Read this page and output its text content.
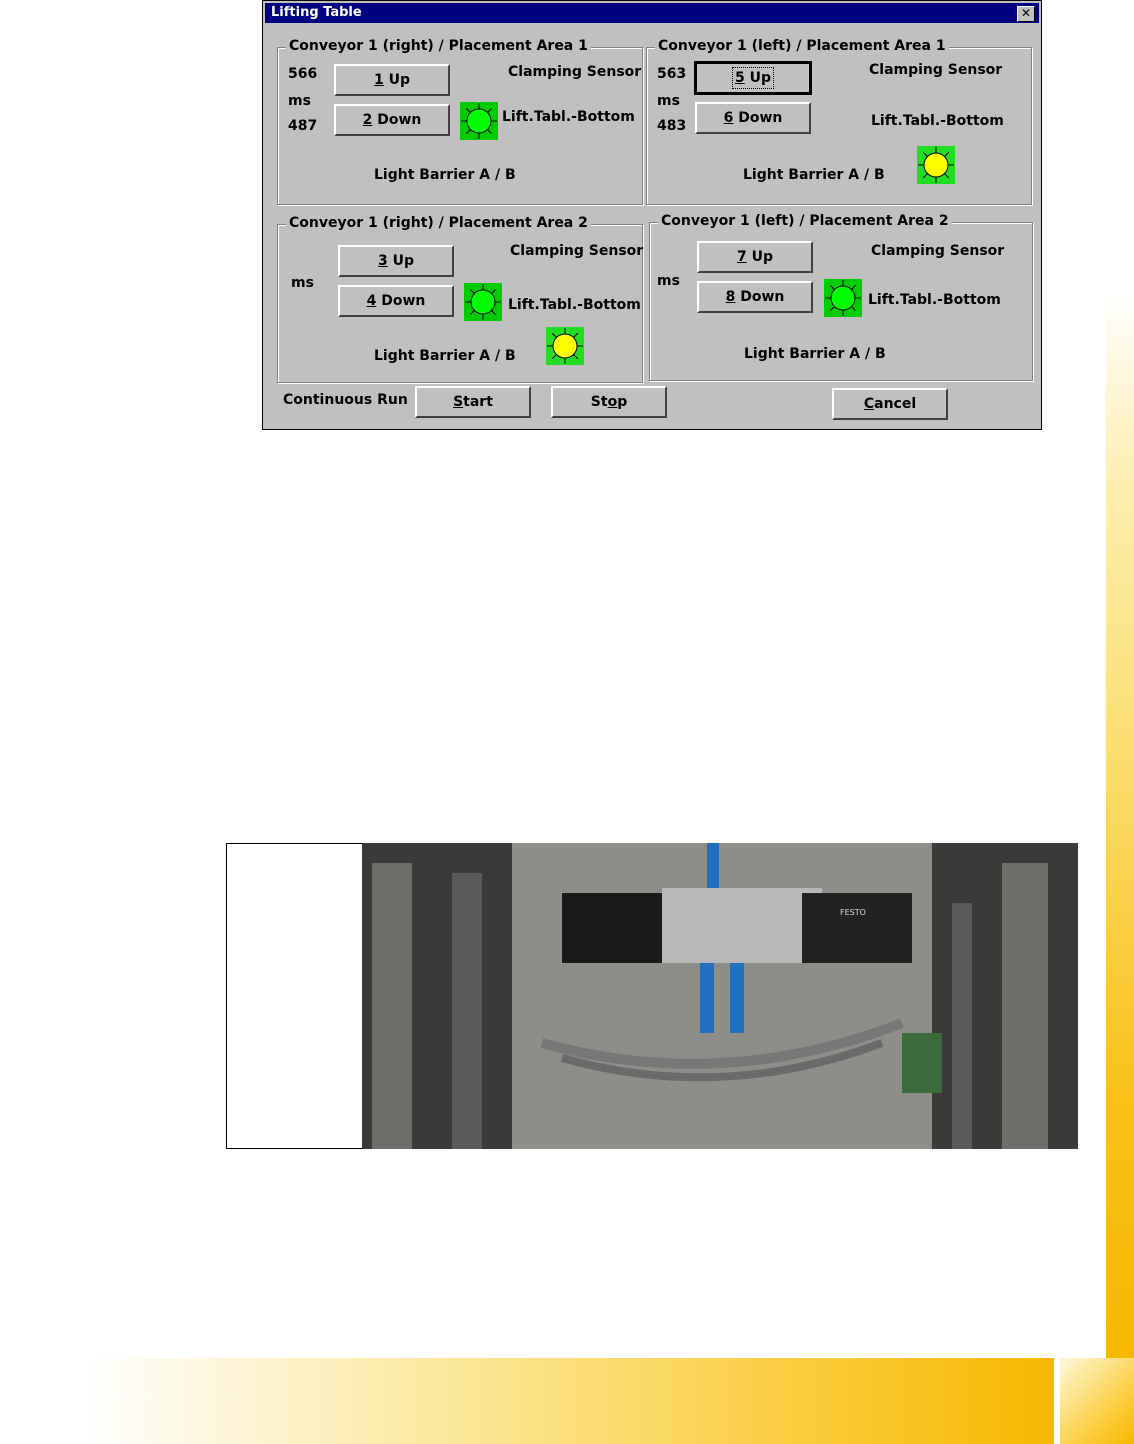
Lifting Table	✕
Conveyor 1 (right) / Placement Area 1
566
ms
487
1 Up
2 Down
Clamping Sensor
Lift.Tabl.-Bottom
Light Barrier A / B
Conveyor 1 (left) / Placement Area 1
563
ms
483
5 Up
6 Down
Clamping Sensor
Lift.Tabl.-Bottom
Light Barrier A / B
Conveyor 1 (right) / Placement Area 2
ms
3 Up
4 Down
Clamping Sensor
Lift.Tabl.-Bottom
Light Barrier A / B
Conveyor 1 (left) / Placement Area 2
ms
7 Up
8 Down
Clamping Sensor
Lift.Tabl.-Bottom
Light Barrier A / B
Continuous Run	Start	Stop	Cancel
FESTO
